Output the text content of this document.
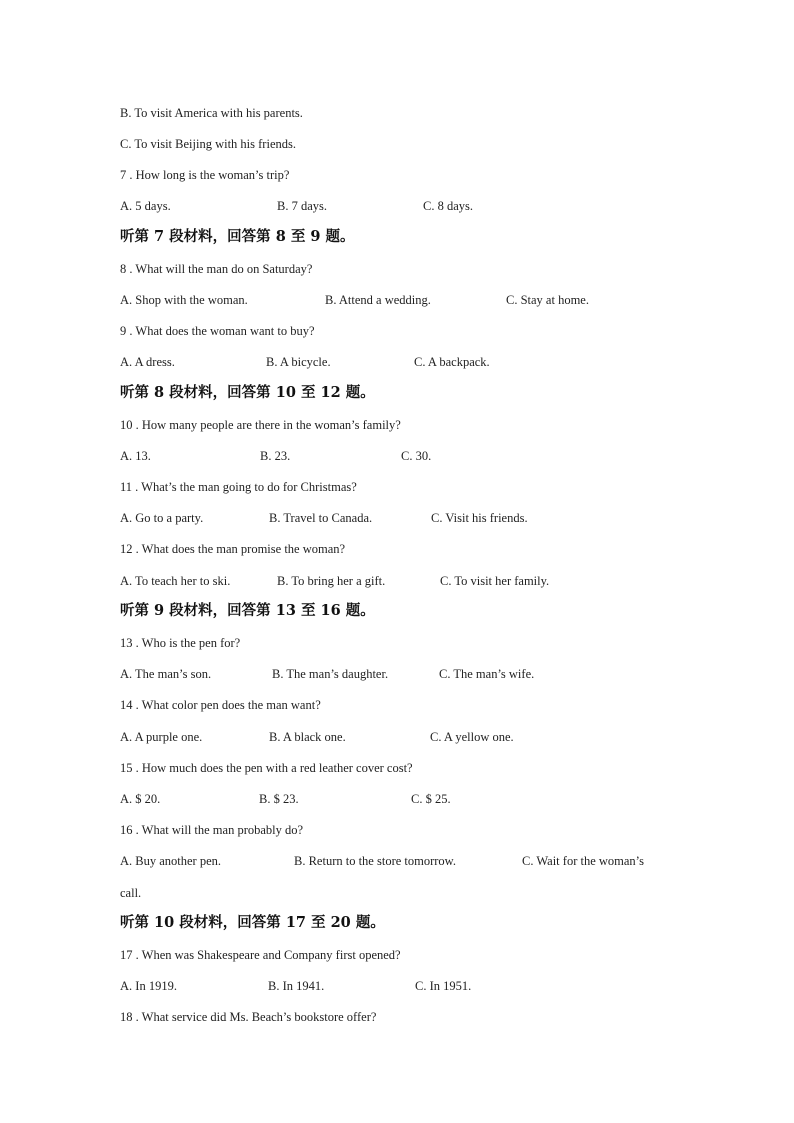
B. To visit America with his parents.
C. To visit Beijing with his friends.
7 . How long is the woman’s trip?
A. 5 days.	B. 7 days.	C. 8 days.
听第 7 段材料，回答第 8 至 9 题。
8 . What will the man do on Saturday?
A. Shop with the woman.	B. Attend a wedding.	C. Stay at home.
9 . What does the woman want to buy?
A. A dress.	B. A bicycle.	C. A backpack.
听第 8 段材料，回答第 10 至 12 题。
10 . How many people are there in the woman’s family?
A. 13.	B. 23.	C. 30.
11 . What’s the man going to do for Christmas?
A. Go to a party.	B. Travel to Canada.	C. Visit his friends.
12 . What does the man promise the woman?
A. To teach her to ski.	B. To bring her a gift.	C. To visit her family.
听第 9 段材料，回答第 13 至 16 题。
13 . Who is the pen for?
A. The man’s son.	B. The man’s daughter.	C. The man’s wife.
14 . What color pen does the man want?
A. A purple one.	B. A black one.	C. A yellow one.
15 . How much does the pen with a red leather cover cost?
A. $ 20.	B. $ 23.	C. $ 25.
16 . What will the man probably do?
A. Buy another pen.	B. Return to the store tomorrow.	C. Wait for the woman’s
call.
听第 10 段材料，回答第 17 至 20 题。
17 . When was Shakespeare and Company first opened?
A. In 1919.	B. In 1941.	C. In 1951.
18 . What service did Ms. Beach’s bookstore offer?
